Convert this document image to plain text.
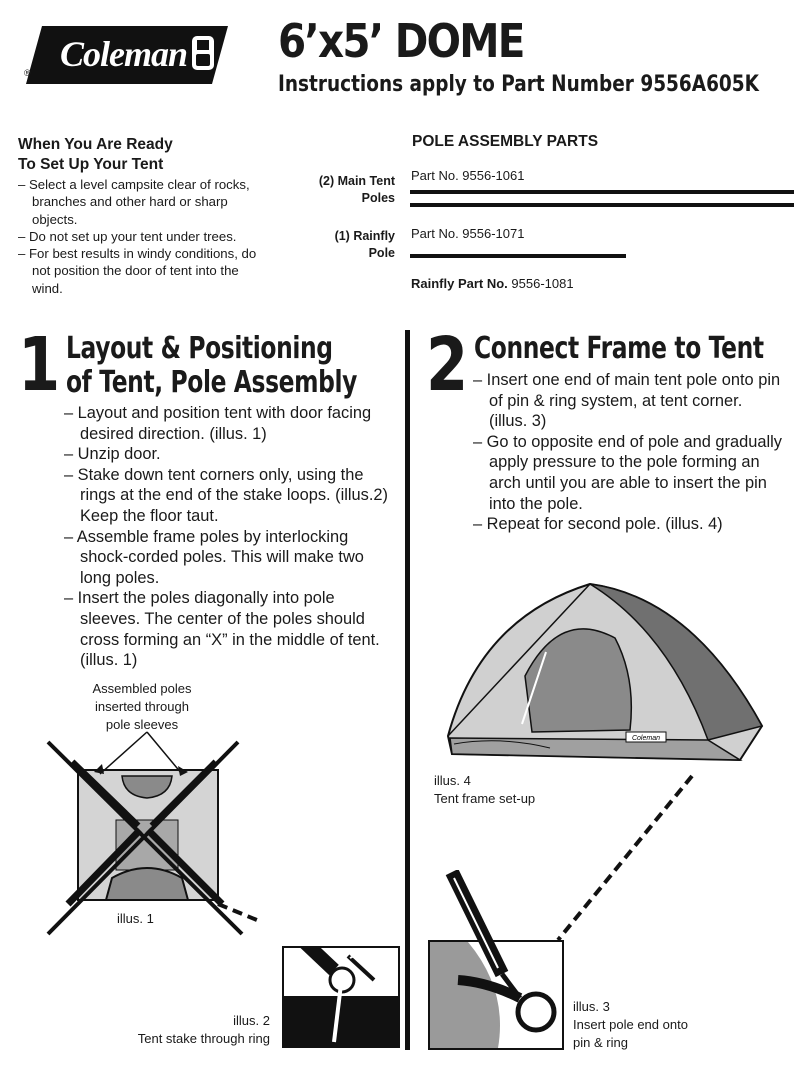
Coleman
®
6’x5’ DOME
Instructions apply to Part Number 9556A605K
When You Are Ready
To Set Up Your Tent
– Select a level campsite clear of rocks, branches and other hard or sharp objects.
– Do not set up your tent under trees.
– For best results in windy conditions, do not position the door of tent into the wind.
POLE ASSEMBLY PARTS
(2) Main Tent
Poles
Part No. 9556-1061
(1) Rainfly
Pole
Part No. 9556-1071
Rainfly Part No. 9556-1081
1 Layout & Positioning
of Tent, Pole Assembly
– Layout and position tent with door facing desired direction. (illus. 1)
– Unzip door.
– Stake down tent corners only, using the rings at the end of the stake loops. (illus.2) Keep the floor taut.
– Assemble frame poles by interlocking shock-corded poles. This will make two long poles.
– Insert the poles diagonally into pole sleeves. The center of the poles should cross forming an “X” in the middle of tent. (illus. 1)
2 Connect Frame to Tent
– Insert one end of main tent pole onto pin of pin & ring system, at tent corner. (illus. 3)
– Go to opposite end of pole and gradually apply pressure to the pole forming an arch until you are able to insert the pin into the pole.
– Repeat for second pole. (illus. 4)
Assembled poles
inserted through
pole sleeves
illus. 1
illus. 2
Tent stake through ring
Coleman
illus. 4
Tent frame set-up
illus. 3
Insert pole end onto
pin & ring
